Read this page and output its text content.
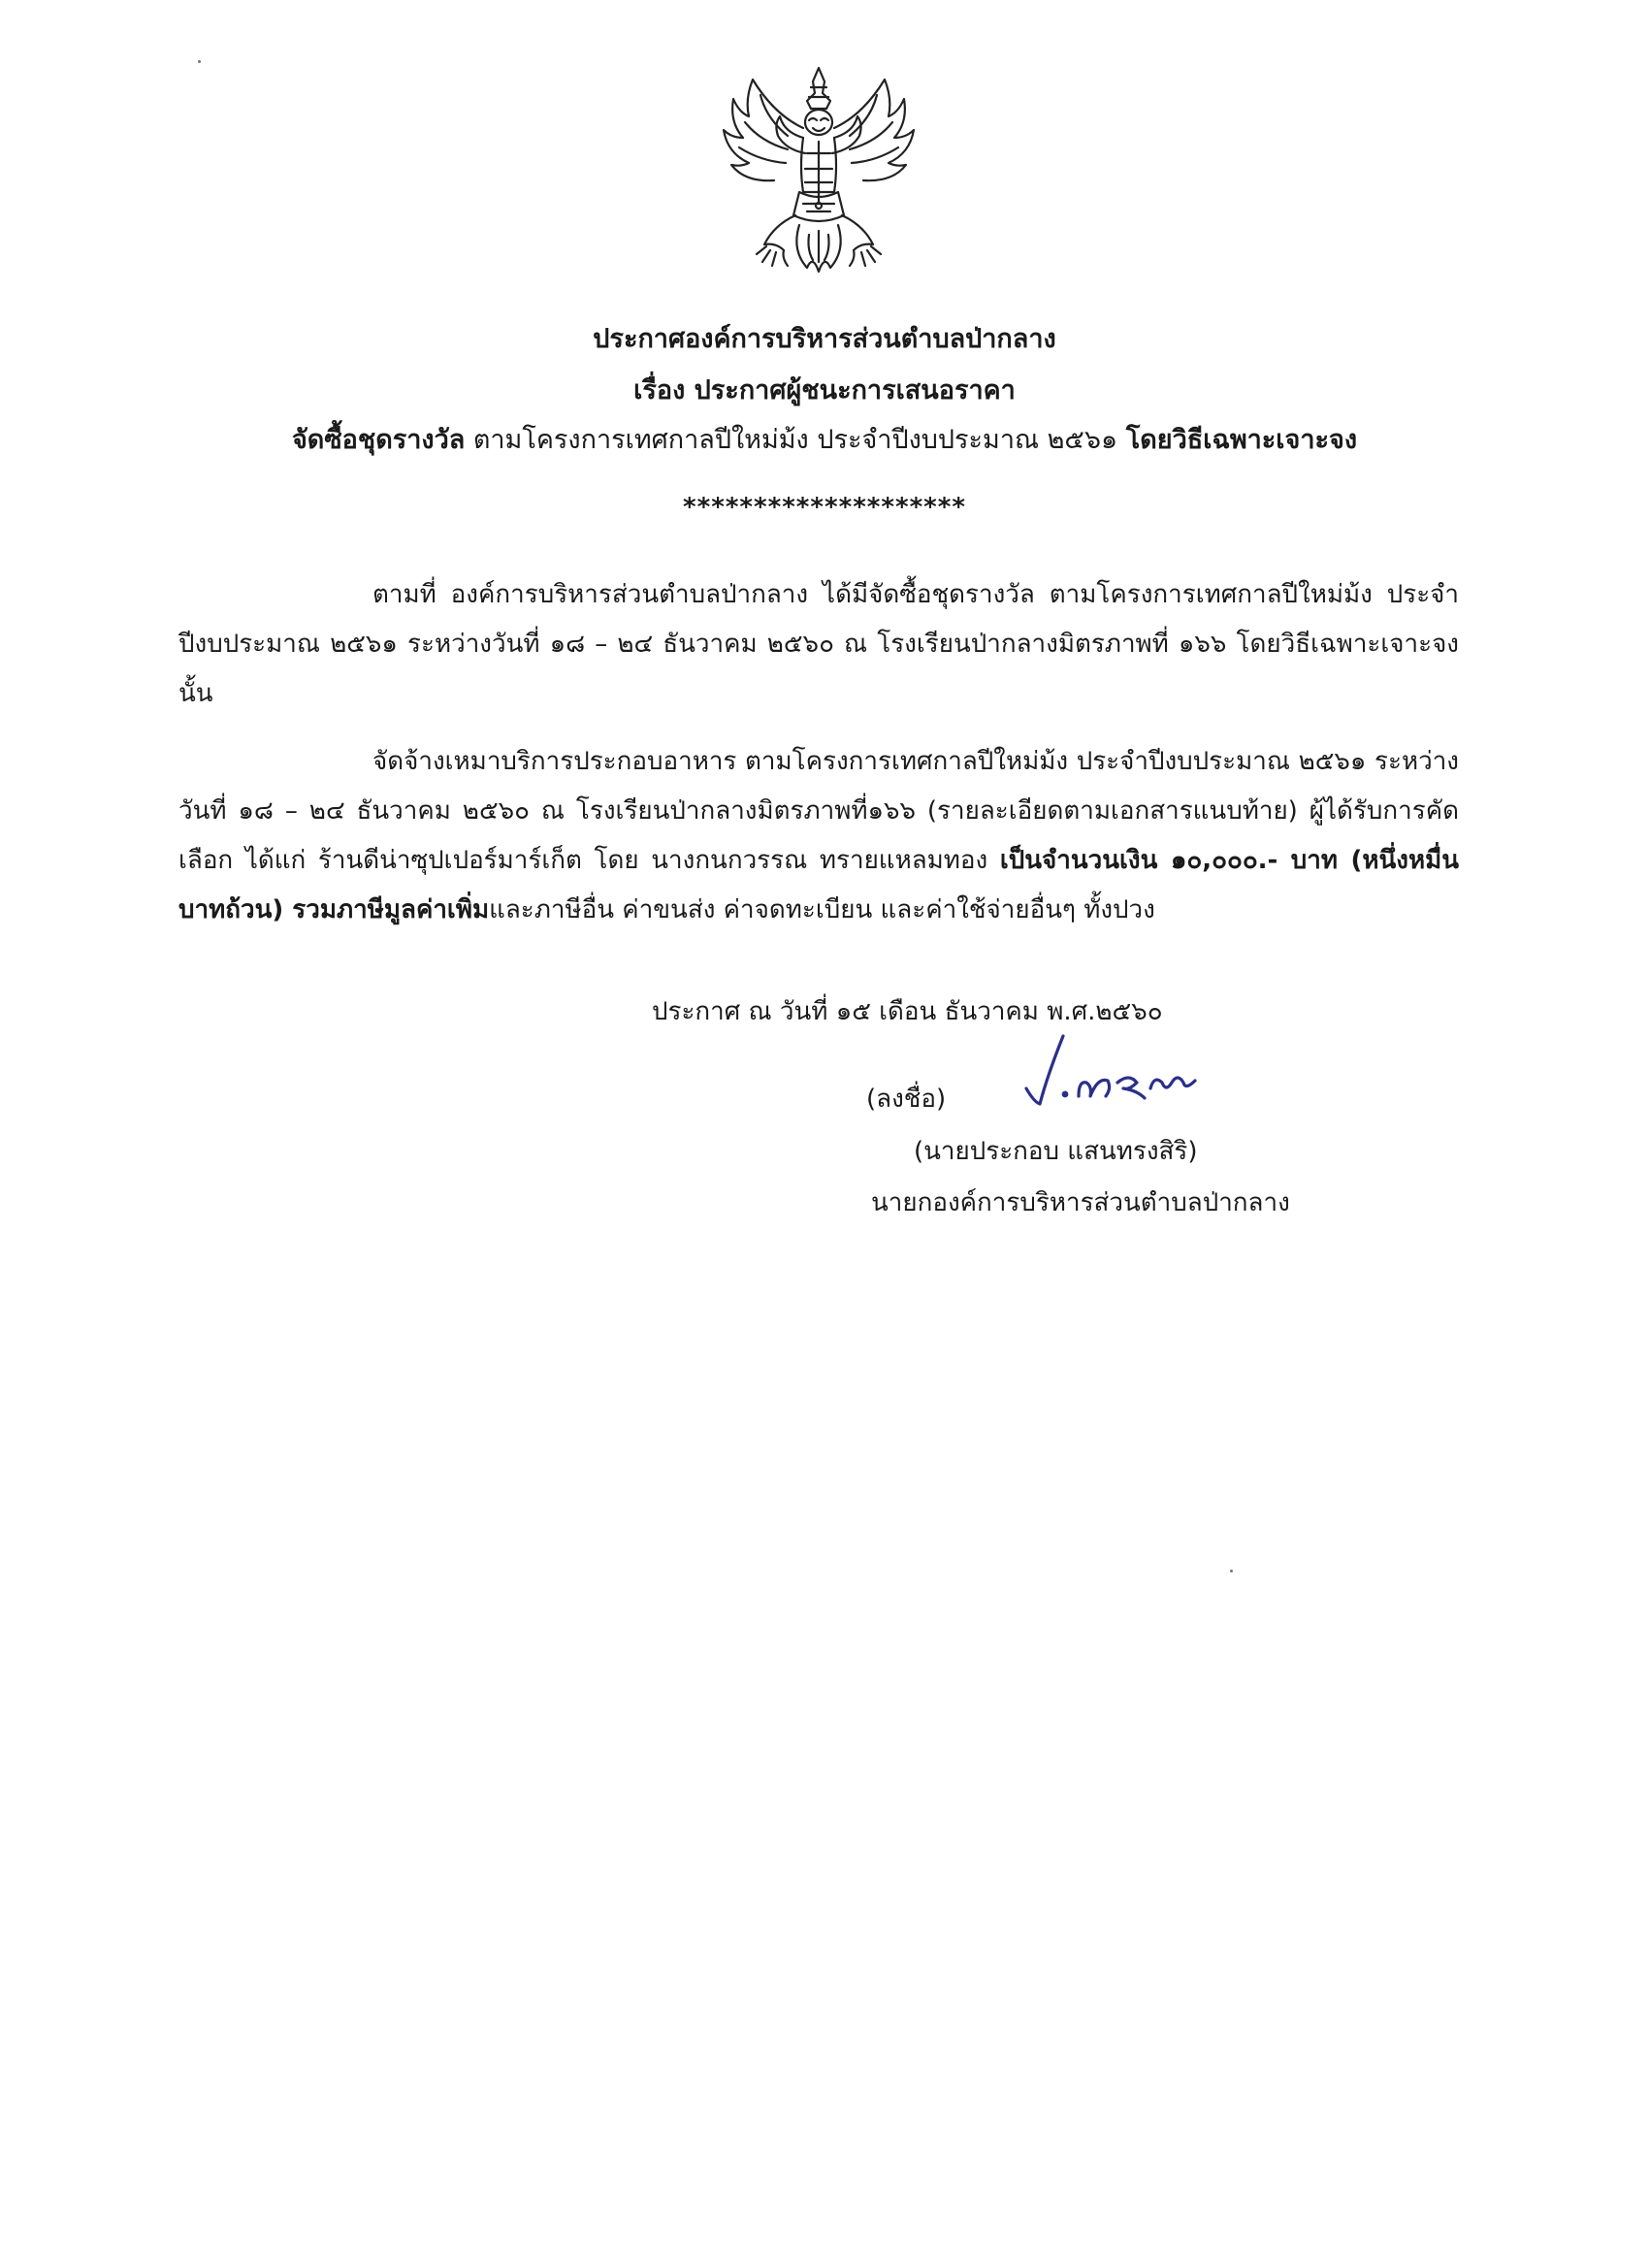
ประกาศองค์การบริหารส่วนตำบลป่ากลาง
เรื่อง ประกาศผู้ชนะการเสนอราคา
จัดซื้อชุดรางวัล ตามโครงการเทศกาลปีใหม่ม้ง ประจำปีงบประมาณ ๒๕๖๑ โดยวิธีเฉพาะเจาะจง
********************
ตามที่ องค์การบริหารส่วนตำบลป่ากลาง ได้มีจัดซื้อชุดรางวัล ตามโครงการเทศกาลปีใหม่ม้ง ประจำปีงบประมาณ ๒๕๖๑ ระหว่างวันที่ ๑๘ – ๒๔ ธันวาคม ๒๕๖๐ ณ โรงเรียนป่ากลางมิตรภาพที่ ๑๖๖ โดยวิธีเฉพาะเจาะจง นั้น
จัดจ้างเหมาบริการประกอบอาหาร ตามโครงการเทศกาลปีใหม่ม้ง ประจำปีงบประมาณ ๒๕๖๑ ระหว่างวันที่ ๑๘ – ๒๔ ธันวาคม ๒๕๖๐ ณ โรงเรียนป่ากลางมิตรภาพที่๑๖๖ (รายละเอียดตามเอกสารแนบท้าย) ผู้ได้รับการคัดเลือก ได้แก่ ร้านดีน่าซุปเปอร์มาร์เก็ต โดย นางกนกวรรณ ทรายแหลมทอง เป็นจำนวนเงิน ๑๐,๐๐๐.- บาท (หนึ่งหมื่นบาทถ้วน) รวมภาษีมูลค่าเพิ่มและภาษีอื่น ค่าขนส่ง ค่าจดทะเบียน และค่าใช้จ่ายอื่นๆ ทั้งปวง
ประกาศ ณ วันที่ ๑๕ เดือน ธันวาคม พ.ศ.๒๕๖๐
(ลงชื่อ)
(นายประกอบ แสนทรงสิริ)
นายกองค์การบริหารส่วนตำบลป่ากลาง
